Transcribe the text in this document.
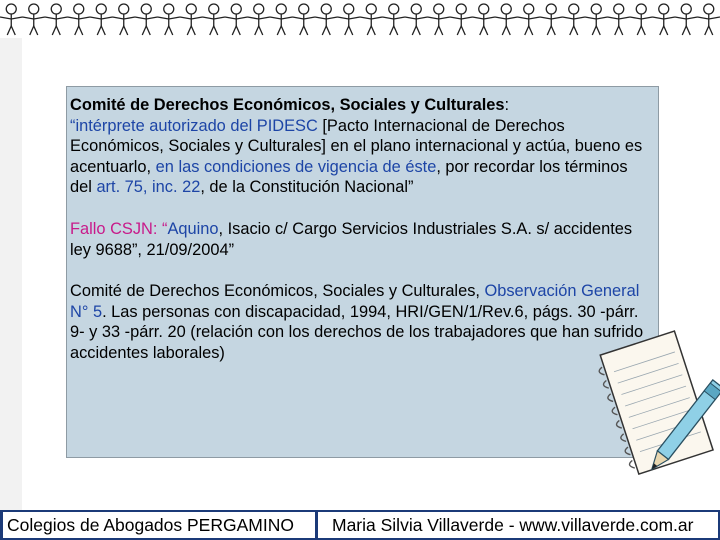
Comité de Derechos Económicos, Sociales y Culturales:
“intérprete autorizado del PIDESC [Pacto Internacional de Derechos Económicos, Sociales y Culturales] en el plano internacional y actúa, bueno es acentuarlo, en las condiciones de vigencia de éste, por recordar los términos del art. 75, inc. 22, de la Constitución Nacional”

Fallo CSJN: “Aquino, Isacio c/ Cargo Servicios Industriales S.A. s/ accidentes ley 9688”, 21/09/2004”

Comité de Derechos Económicos, Sociales y Culturales, Observación General N° 5. Las personas con discapacidad, 1994, HRI/GEN/1/Rev.6, págs. 30 -párr. 9- y 33 -párr. 20 (relación con los derechos de los trabajadores que han sufrido accidentes laborales)

Colegios de Abogados PERGAMINO	Maria Silvia Villaverde - www.villaverde.com.ar
